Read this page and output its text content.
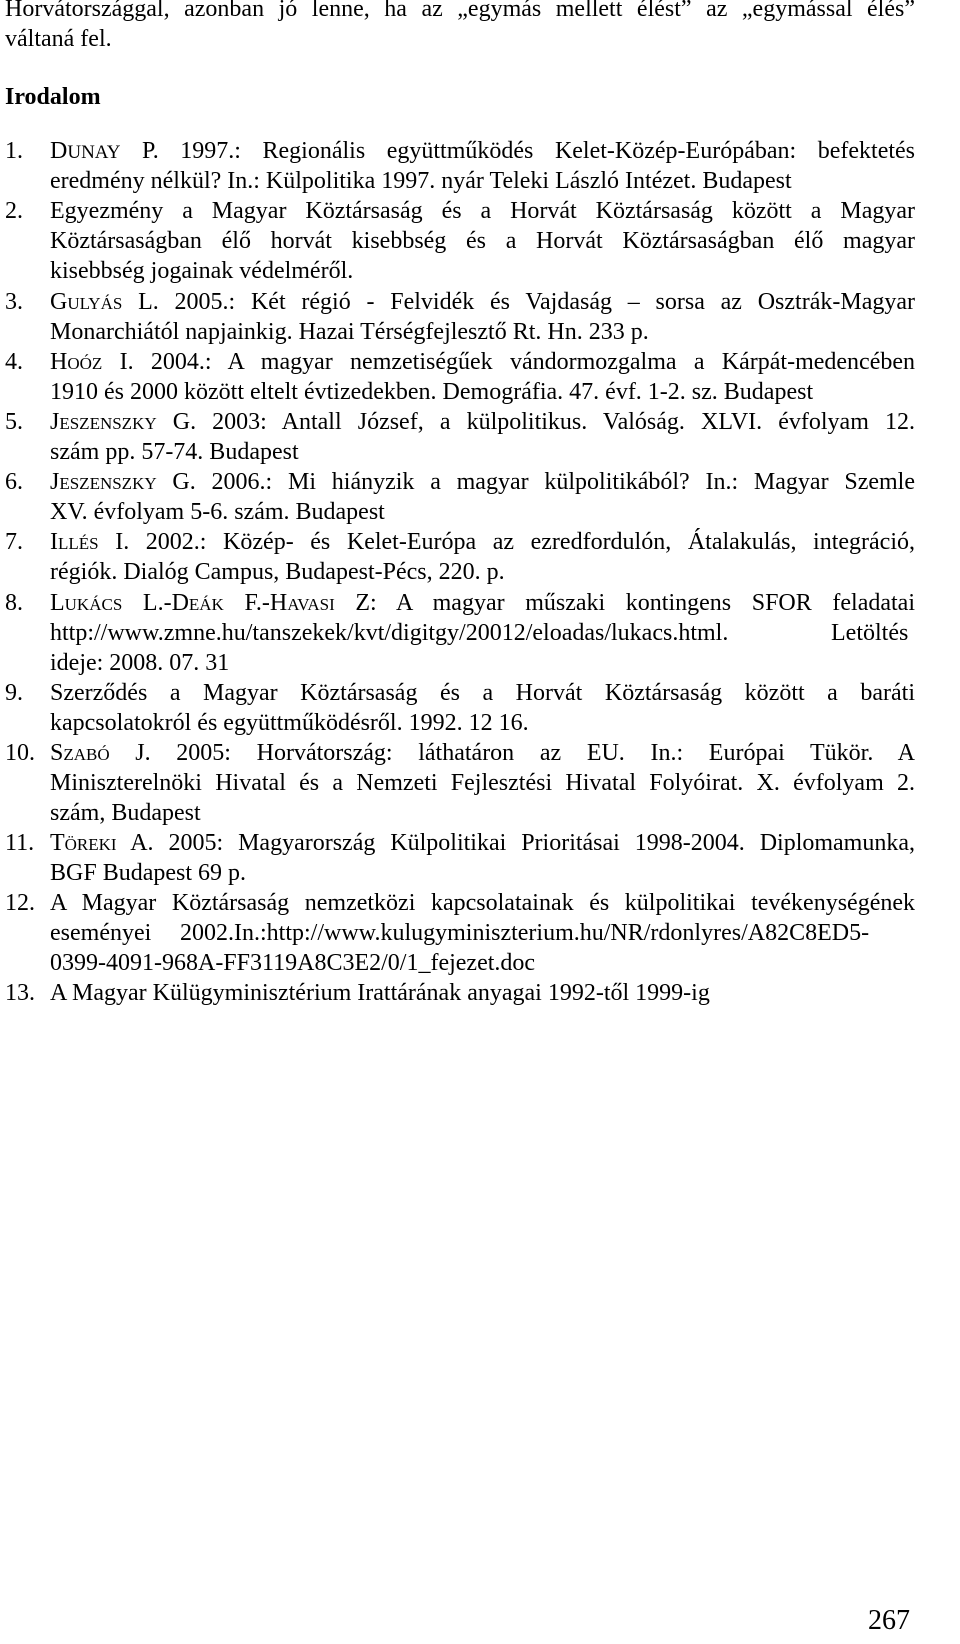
Horvátországgal, azonban jó lenne, ha az „egymás mellett élést” az „egymással élés”
váltaná fel.
Irodalom
1. DUNAY P. 1997.: Regionális együttműködés Kelet-Közép-Európában: befektetés
eredmény nélkül? In.: Külpolitika 1997. nyár Teleki László Intézet. Budapest
2. Egyezmény a Magyar Köztársaság és a Horvát Köztársaság között a Magyar
Köztársaságban élő horvát kisebbség és a Horvát Köztársaságban élő magyar
kisebbség jogainak védelméről.
3. Gulyás L. 2005.: Két régió - Felvidék és Vajdaság – sorsa az Osztrák-Magyar
Monarchiától napjainkig. Hazai Térségfejlesztő Rt. Hn. 233 p.
4. Hoóz I. 2004.: A magyar nemzetiségűek vándormozgalma a Kárpát-medencében
1910 és 2000 között eltelt évtizedekben. Demográfia. 47. évf. 1-2. sz. Budapest
5. Jeszenszky G. 2003: Antall József, a külpolitikus. Valóság. XLVI. évfolyam 12.
szám pp. 57-74. Budapest
6. Jeszenszky G. 2006.: Mi hiányzik a magyar külpolitikából? In.: Magyar Szemle
XV. évfolyam 5-6. szám. Budapest
7. Illés I. 2002.: Közép- és Kelet-Európa az ezredfordulón, Átalakulás, integráció,
régiók. Dialóg Campus, Budapest-Pécs, 220. p.
8. Lukács L.-Deák F.-Havasi Z: A magyar műszaki kontingens SFOR feladatai
http://www.zmne.hu/tanszekek/kvt/digitgy/20012/eloadas/lukacs.html.	Letöltés
ideje: 2008. 07. 31
9. Szerződés a Magyar Köztársaság és a Horvát Köztársaság között a baráti
kapcsolatokról és együttműködésről. 1992. 12 16.
10. Szabó J. 2005: Horvátország: láthatáron az EU. In.: Európai Tükör. A
Miniszterelnöki Hivatal és a Nemzeti Fejlesztési Hivatal Folyóirat. X. évfolyam 2.
szám, Budapest
11. Töreki A. 2005: Magyarország Külpolitikai Prioritásai 1998-2004. Diplomamunka,
BGF Budapest 69 p.
12. A Magyar Köztársaság nemzetközi kapcsolatainak és külpolitikai tevékenységének
eseményei 2002.In.:http://www.kulugyminiszterium.hu/NR/rdonlyres/A82C8ED5-
0399-4091-968A-FF3119A8C3E2/0/1_fejezet.doc
13. A Magyar Külügyminisztérium Irattárának anyagai 1992-től 1999-ig
267
